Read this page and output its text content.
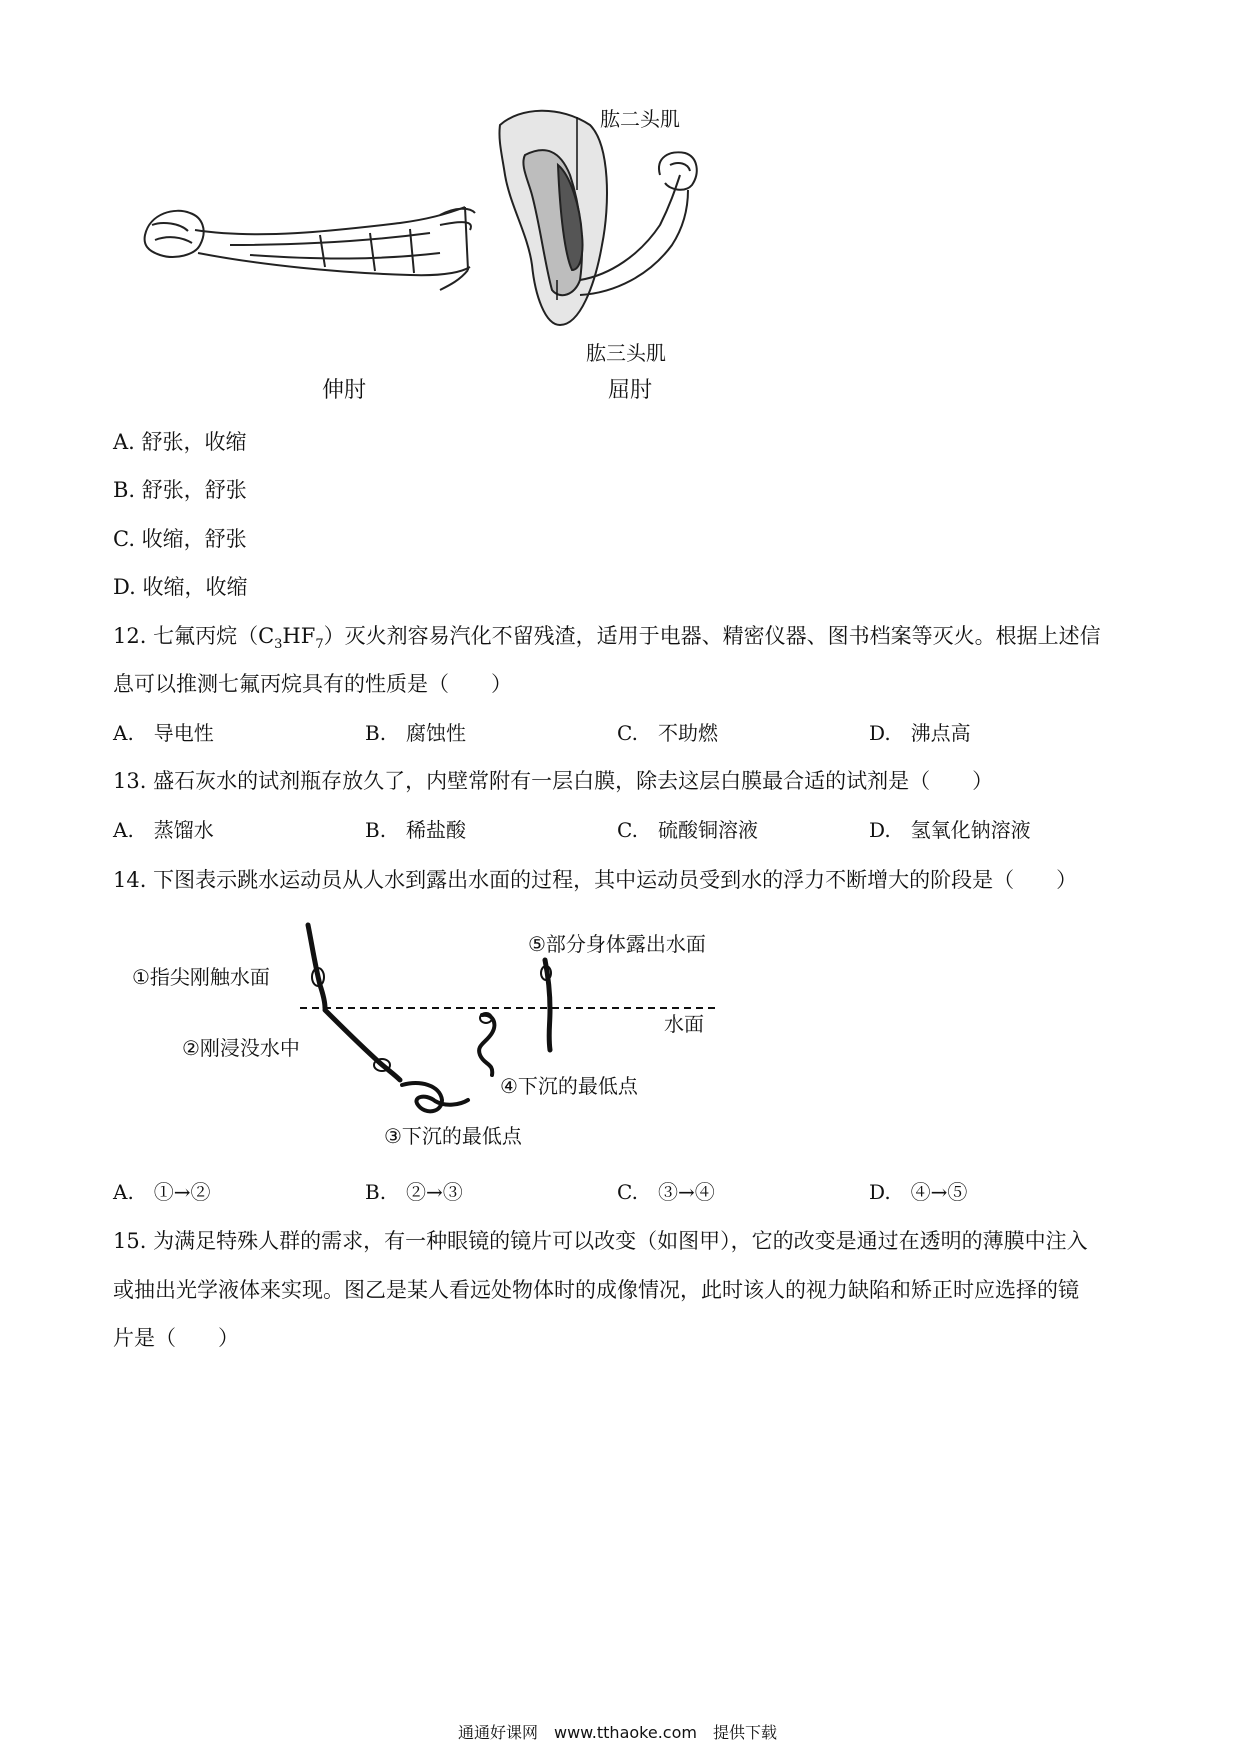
肱二头肌
肱三头肌
伸肘	屈肘
A. 舒张，收缩
B. 舒张，舒张
C. 收缩，舒张
D. 收缩，收缩
12. 七氟丙烷$(C_3HF_7)$灭火剂容易汽化不留残渣，适用于电器、精密仪器、图书档案等灭火。根据上述信
息可以推测七氟丙烷具有的性质是（　　）
A.　导电性	B.　腐蚀性	C.　不助燃	D.　沸点高
13. 盛石灰水的试剂瓶存放久了，内壁常附有一层白膜，除去这层白膜最合适的试剂是（　　）
A.　蒸馏水	B.　稀盐酸	C.　硫酸铜溶液	D.　氢氧化钠溶液
14. 下图表示跳水运动员从人水到露出水面的过程，其中运动员受到水的浮力不断增大的阶段是（　　）
①指尖刚触水面
②刚浸没水中
③下沉的最低点
④下沉的最低点
⑤部分身体露出水面
水面
A.　①→②	B.　②→③	C.　③→④	D.　④→⑤
15. 为满足特殊人群的需求，有一种眼镜的镜片可以改变（如图甲），它的改变是通过在透明的薄膜中注入
或抽出光学液体来实现。图乙是某人看远处物体时的成像情况，此时该人的视力缺陷和矫正时应选择的镜
片是（　　）
通通好课网　www.tthaoke.com　提供下载
